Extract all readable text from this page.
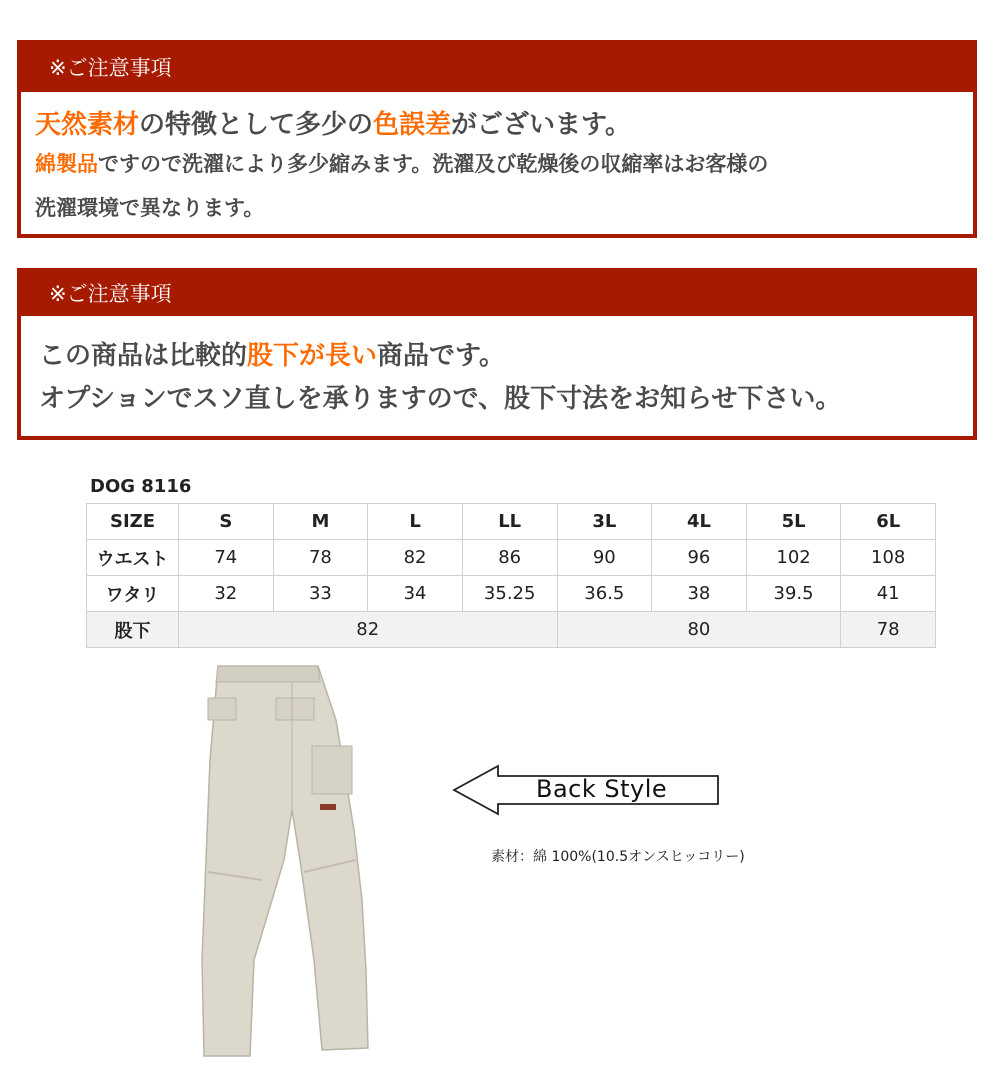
※ご注意事項
天然素材の特徴として多少の色誤差がございます。
綿製品ですので洗濯により多少縮みます。洗濯及び乾燥後の収縮率はお客様の
洗濯環境で異なります。
※ご注意事項
この商品は比較的股下が長い商品です。
オプションでスソ直しを承りますので、股下寸法をお知らせ下さい。
DOG 8116
SIZE	S	M	L	LL	3L	4L	5L	6L
ウエスト	74	78	82	86	90	96	102	108
ワタリ	32	33	34	35.25	36.5	38	39.5	41
股下	82				80			78
Back Style
素材：綿 100%(10.5オンスヒッコリー)
